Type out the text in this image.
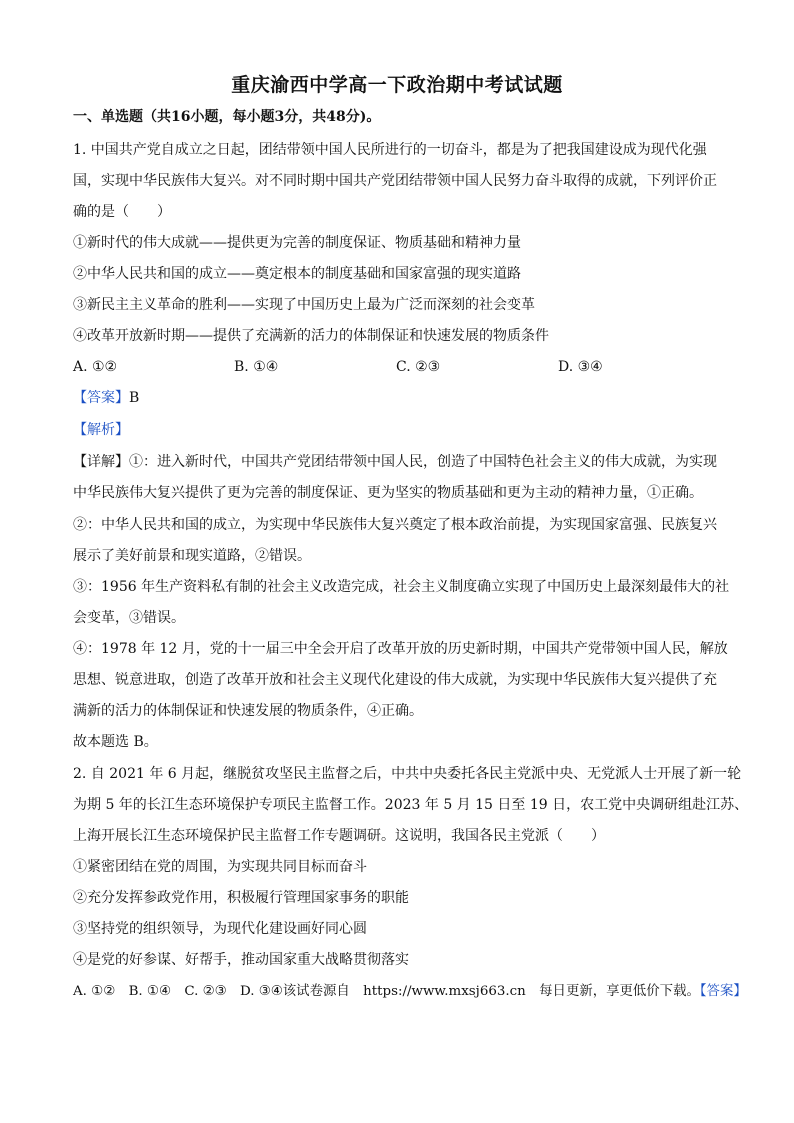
重庆渝西中学高一下政治期中考试试题
一、单选题（共16小题，每小题3分，共48分)。
1. 中国共产党自成立之日起，团结带领中国人民所进行的一切奋斗，都是为了把我国建设成为现代化强
国，实现中华民族伟大复兴。对不同时期中国共产党团结带领中国人民努力奋斗取得的成就，下列评价正
确的是（　　）
①新时代的伟大成就——提供更为完善的制度保证、物质基础和精神力量
②中华人民共和国的成立——奠定根本的制度基础和国家富强的现实道路
③新民主主义革命的胜利——实现了中国历史上最为广泛而深刻的社会变革
④改革开放新时期——提供了充满新的活力的体制保证和快速发展的物质条件
A. ①②	B. ①④	C. ②③	D. ③④
【答案】B
【解析】
【详解】①：进入新时代，中国共产党团结带领中国人民，创造了中国特色社会主义的伟大成就，为实现
中华民族伟大复兴提供了更为完善的制度保证、更为坚实的物质基础和更为主动的精神力量，①正确。
②：中华人民共和国的成立，为实现中华民族伟大复兴奠定了根本政治前提，为实现国家富强、民族复兴
展示了美好前景和现实道路，②错误。
③：1956 年生产资料私有制的社会主义改造完成，社会主义制度确立实现了中国历史上最深刻最伟大的社
会变革，③错误。
④：1978 年 12 月，党的十一届三中全会开启了改革开放的历史新时期，中国共产党带领中国人民，解放
思想、锐意进取，创造了改革开放和社会主义现代化建设的伟大成就，为实现中华民族伟大复兴提供了充
满新的活力的体制保证和快速发展的物质条件，④正确。
故本题选 B。
2. 自 2021 年 6 月起，继脱贫攻坚民主监督之后，中共中央委托各民主党派中央、无党派人士开展了新一轮
为期 5 年的长江生态环境保护专项民主监督工作。2023 年 5 月 15 日至 19 日，农工党中央调研组赴江苏、
上海开展长江生态环境保护民主监督工作专题调研。这说明，我国各民主党派（　　）
①紧密团结在党的周围，为实现共同目标而奋斗
②充分发挥参政党作用，积极履行管理国家事务的职能
③坚持党的组织领导，为现代化建设画好同心圆
④是党的好参谋、好帮手，推动国家重大战略贯彻落实
A. ①②　B. ①④　C. ②③　D. ③④该试卷源自　https://www.mxsj663.cn　每日更新，享更低价下载。【答案】
